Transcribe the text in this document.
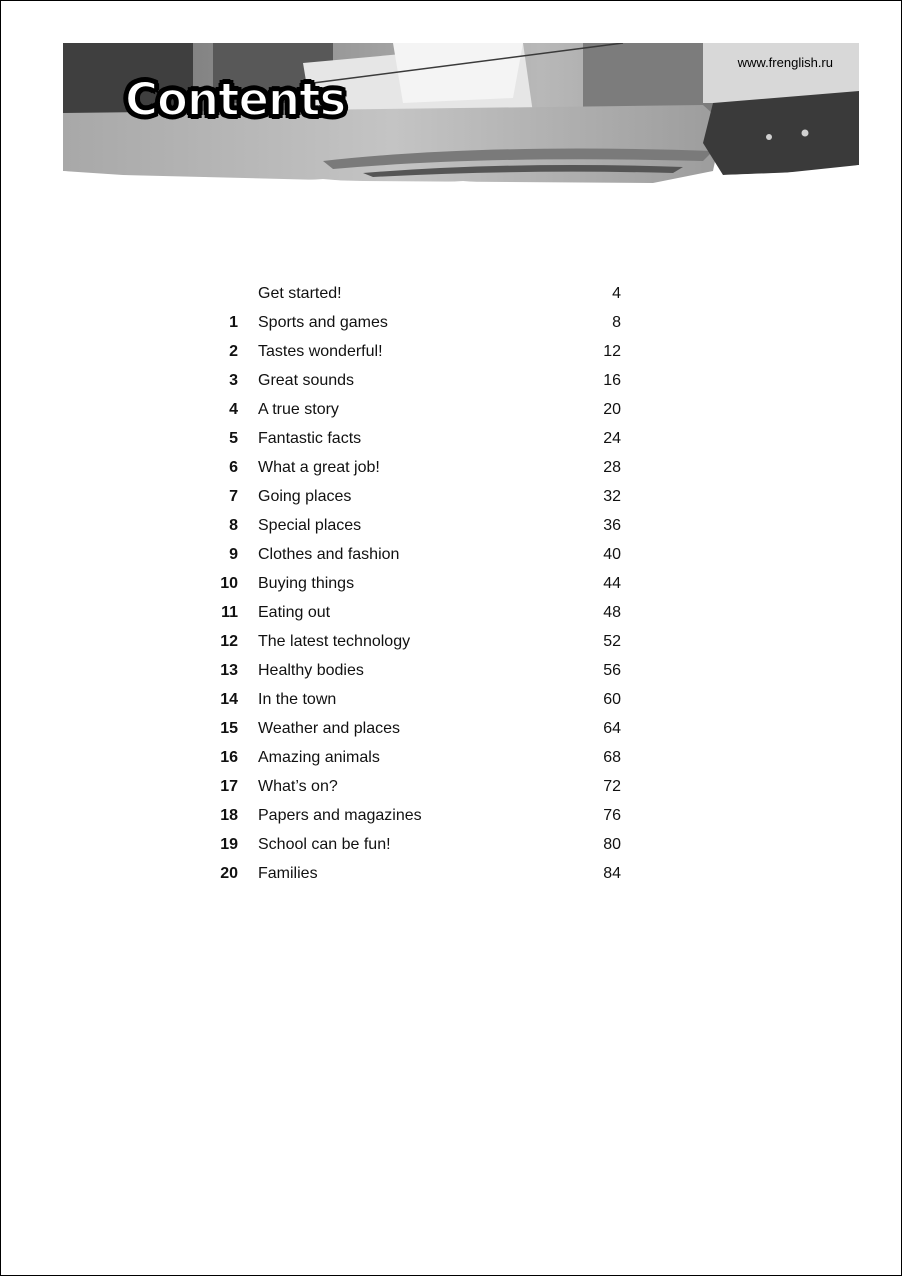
www.frenglish.ru
Contents
Get started!	4
1	Sports and games	8
2	Tastes wonderful!	12
3	Great sounds	16
4	A true story	20
5	Fantastic facts	24
6	What a great job!	28
7	Going places	32
8	Special places	36
9	Clothes and fashion	40
10	Buying things	44
11	Eating out	48
12	The latest technology	52
13	Healthy bodies	56
14	In the town	60
15	Weather and places	64
16	Amazing animals	68
17	What’s on?	72
18	Papers and magazines	76
19	School can be fun!	80
20	Families	84
